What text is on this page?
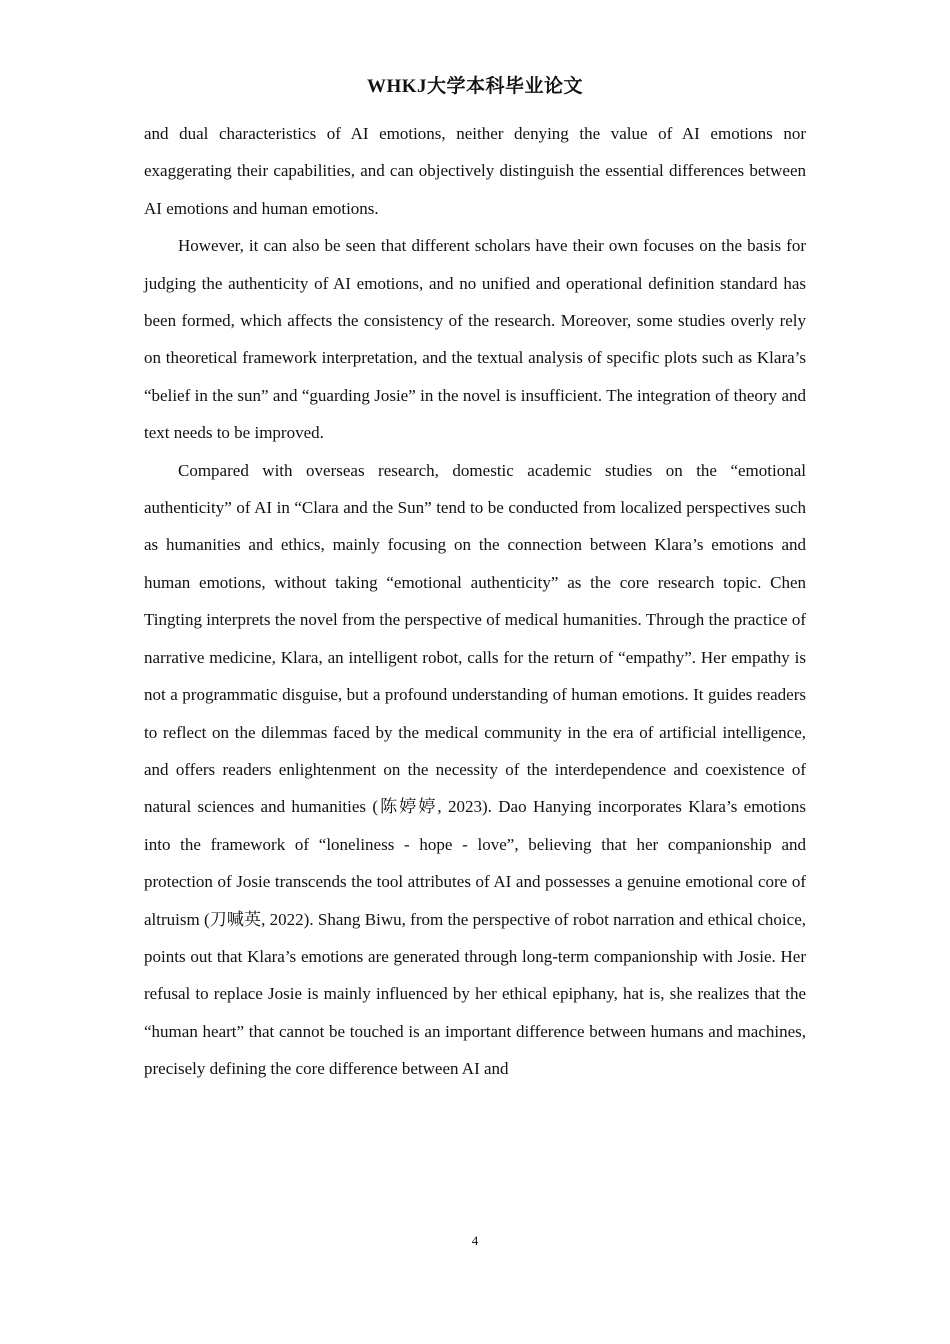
WHKJ大学本科毕业论文

and dual characteristics of AI emotions, neither denying the value of AI emotions nor exaggerating their capabilities, and can objectively distinguish the essential differences between AI emotions and human emotions.

However, it can also be seen that different scholars have their own focuses on the basis for judging the authenticity of AI emotions, and no unified and operational definition standard has been formed, which affects the consistency of the research. Moreover, some studies overly rely on theoretical framework interpretation, and the textual analysis of specific plots such as Klara’s “belief in the sun” and “guarding Josie” in the novel is insufficient. The integration of theory and text needs to be improved.

Compared with overseas research, domestic academic studies on the “emotional authenticity” of AI in “Clara and the Sun” tend to be conducted from localized perspectives such as humanities and ethics, mainly focusing on the connection between Klara’s emotions and human emotions, without taking “emotional authenticity” as the core research topic. Chen Tingting interprets the novel from the perspective of medical humanities. Through the practice of narrative medicine, Klara, an intelligent robot, calls for the return of “empathy”. Her empathy is not a programmatic disguise, but a profound understanding of human emotions. It guides readers to reflect on the dilemmas faced by the medical community in the era of artificial intelligence, and offers readers enlightenment on the necessity of the interdependence and coexistence of natural sciences and humanities (陈婷婷, 2023). Dao Hanying incorporates Klara’s emotions into the framework of “loneliness - hope - love”, believing that her companionship and protection of Josie transcends the tool attributes of AI and possesses a genuine emotional core of altruism (刀喊英, 2022). Shang Biwu, from the perspective of robot narration and ethical choice, points out that Klara’s emotions are generated through long-term companionship with Josie. Her refusal to replace Josie is mainly influenced by her ethical epiphany, hat is, she realizes that the “human heart” that cannot be touched is an important difference between humans and machines, precisely defining the core difference between AI and

4
